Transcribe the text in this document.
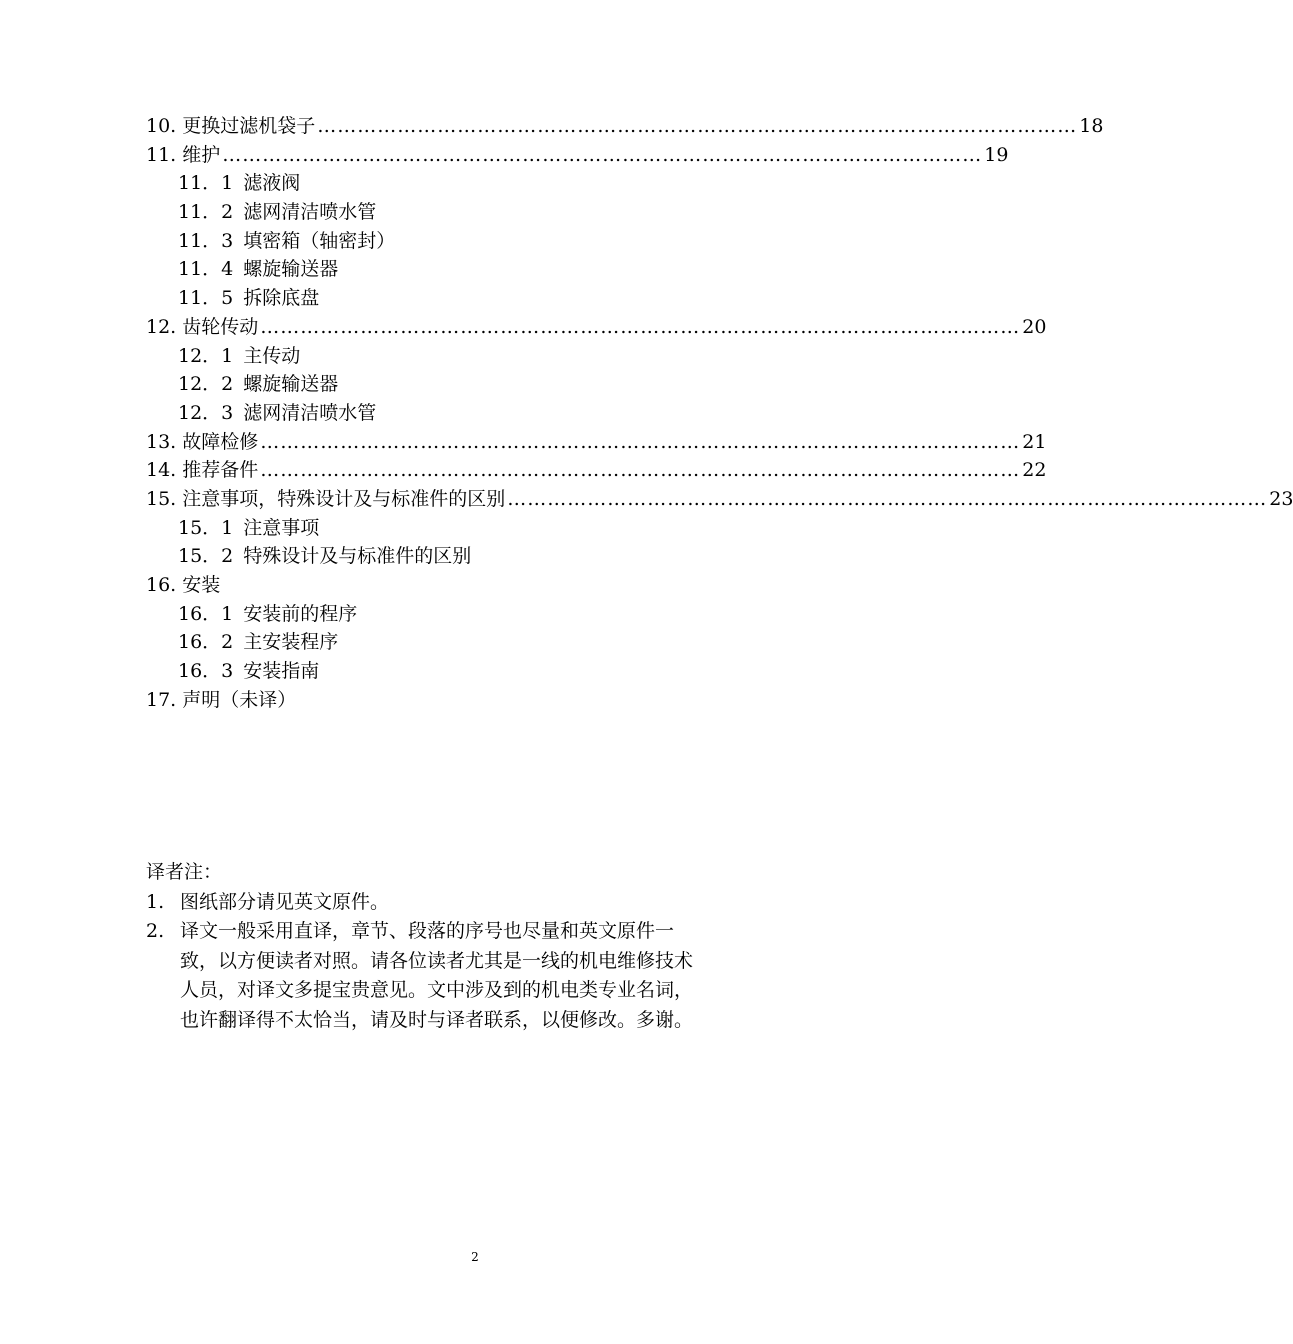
10. 更换过滤机袋子 …………………………………………………………………………………………………… 18
11. 维护 …………………………………………………………………………………………………… 19
11．1 滤液阀
11．2 滤网清洁喷水管
11．3 填密箱（轴密封）
11．4 螺旋输送器
11．5 拆除底盘
12. 齿轮传动 …………………………………………………………………………………………………… 20
12．1 主传动
12．2 螺旋输送器
12．3 滤网清洁喷水管
13. 故障检修 …………………………………………………………………………………………………… 21
14. 推荐备件 …………………………………………………………………………………………………… 22
15. 注意事项，特殊设计及与标准件的区别 …………………………………………………………………………………………………… 23
15．1 注意事项
15．2 特殊设计及与标准件的区别
16. 安装
16．1 安装前的程序
16．2 主安装程序
16．3 安装指南
17. 声明（未译）

译者注：

1. 图纸部分请见英文原件。
2. 译文一般采用直译，章节、段落的序号也尽量和英文原件一致，以方便读者对照。请各位读者尤其是一线的机电维修技术人员，对译文多提宝贵意见。文中涉及到的机电类专业名词，也许翻译得不太恰当，请及时与译者联系，以便修改。多谢。
2
